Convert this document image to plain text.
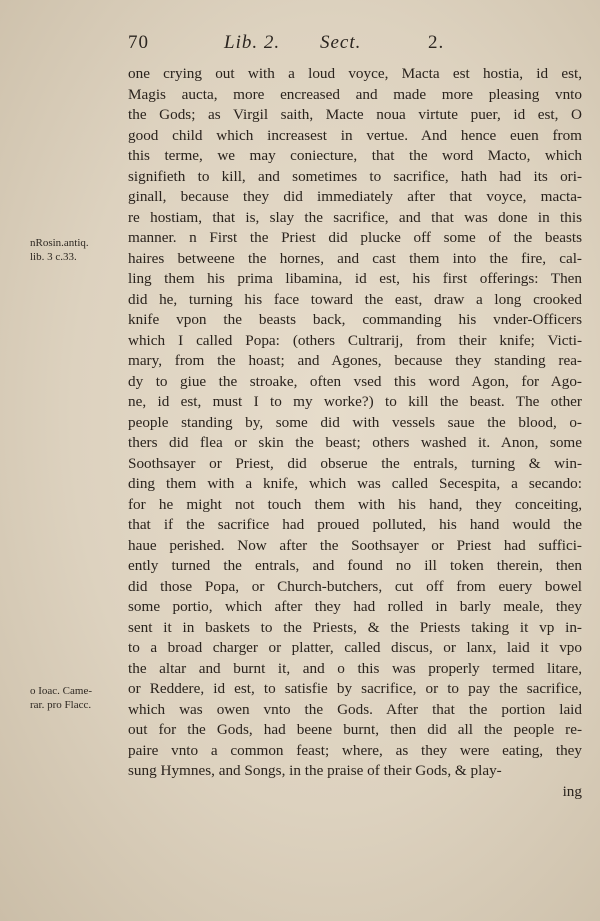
70	Lib. 2. Sect.	2.
nRosin.antiq.
lib. 3 c.33.
o Ioac. Came-
rar. pro Flacc.
one crying out with a loud voyce, Macta est hostia, id est,
Magis aucta, more encreased and made more pleasing vnto
the Gods; as Virgil saith, Macte noua virtute puer, id est, O
good child which increasest in vertue. And hence euen from
this terme, we may coniecture, that the word Macto, which
signifieth to kill, and sometimes to sacrifice, hath had its ori-
ginall, because they did immediately after that voyce, macta-
re hostiam, that is, slay the sacrifice, and that was done in this
manner. n First the Priest did plucke off some of the beasts
haires betweene the hornes, and cast them into the fire, cal-
ling them his prima libamina, id est, his first offerings: Then
did he, turning his face toward the east, draw a long crooked
knife vpon the beasts back, commanding his vnder-Officers
which I called Popa: (others Cultrarij, from their knife; Victi-
mary, from the hoast; and Agones, because they standing rea-
dy to giue the stroake, often vsed this word Agon, for Ago-
ne, id est, must I to my worke?) to kill the beast. The other
people standing by, some did with vessels saue the blood, o-
thers did flea or skin the beast; others washed it. Anon, some
Soothsayer or Priest, did obserue the entrals, turning & win-
ding them with a knife, which was called Secespita, a secando:
for he might not touch them with his hand, they conceiting,
that if the sacrifice had proued polluted, his hand would the
haue perished. Now after the Soothsayer or Priest had suffici-
ently turned the entrals, and found no ill token therein, then
did those Popa, or Church-butchers, cut off from euery bowel
some portio, which after they had rolled in barly meale, they
sent it in baskets to the Priests, & the Priests taking it vp in-
to a broad charger or platter, called discus, or lanx, laid it vpo
the altar and burnt it, and o this was properly termed litare,
or Reddere, id est, to satisfie by sacrifice, or to pay the sacrifice,
which was owen vnto the Gods. After that the portion laid
out for the Gods, had beene burnt, then did all the people re-
paire vnto a common feast; where, as they were eating, they
sung Hymnes, and Songs, in the praise of their Gods, & play-
ing
